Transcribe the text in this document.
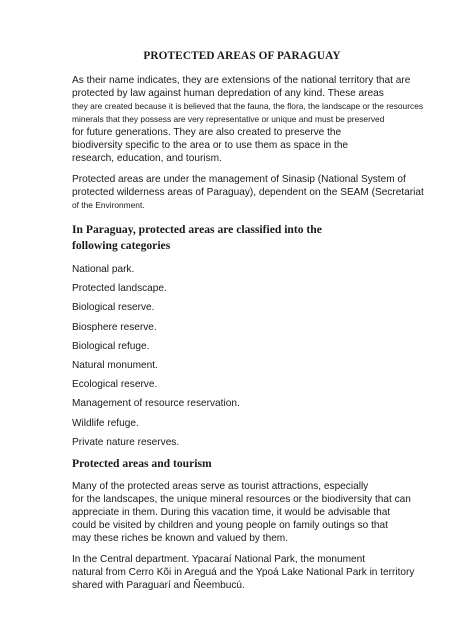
PROTECTED AREAS OF PARAGUAY

As their name indicates, they are extensions of the national territory that are
protected by law against human depredation of any kind. These areas
they are created because it is believed that the fauna, the flora, the landscape or the resources
minerals that they possess are very representative or unique and must be preserved
for future generations. They are also created to preserve the
biodiversity specific to the area or to use them as space in the
research, education, and tourism.

Protected areas are under the management of Sinasip (National System of
protected wilderness areas of Paraguay), dependent on the SEAM (Secretariat
of the Environment.

In Paraguay, protected areas are classified into the
following categories
National park.
Protected landscape.
Biological reserve.
Biosphere reserve.
Biological refuge.
Natural monument.
Ecological reserve.
Management of resource reservation.
Wildlife refuge.
Private nature reserves.
Protected areas and tourism

Many of the protected areas serve as tourist attractions, especially
for the landscapes, the unique mineral resources or the biodiversity that can
appreciate in them. During this vacation time, it would be advisable that
could be visited by children and young people on family outings so that
may these riches be known and valued by them.

In the Central department. Ypacaraí National Park, the monument
natural from Cerro Kõi in Areguá and the Ypoá Lake National Park in territory
shared with Paraguarí and Ñeembucú.
